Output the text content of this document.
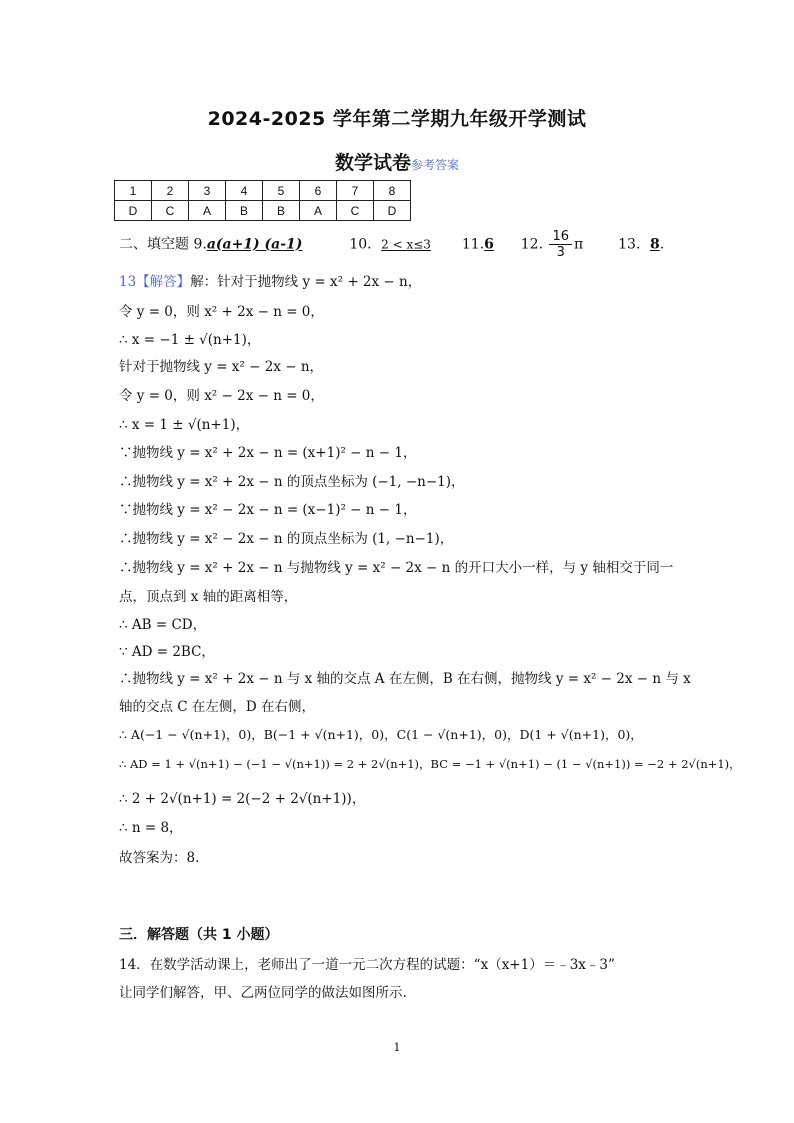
2024-2025 学年第二学期九年级开学测试
数学试卷参考答案
1	2	3	4	5	6	7	8
D	C	A	B	B	A	C	D
二、填空题 9.a(a+1) (a-1)	10．2 < x≤3 11.6 12. $\frac{16}{3}$ π 13．8.
13【解答】解：针对于抛物线 y = x² + 2x − n，
令 y = 0，则 x² + 2x − n = 0，
∴ x = −1 ± √(n+1)，
针对于抛物线 y = x² − 2x − n，
令 y = 0，则 x² − 2x − n = 0，
∴ x = 1 ± √(n+1)，
∵抛物线 y = x² + 2x − n = (x+1)² − n − 1，
∴抛物线 y = x² + 2x − n 的顶点坐标为 (−1, −n−1)，
∵抛物线 y = x² − 2x − n = (x−1)² − n − 1，
∴抛物线 y = x² − 2x − n 的顶点坐标为 (1, −n−1)，
∴抛物线 y = x² + 2x − n 与抛物线 y = x² − 2x − n 的开口大小一样，与 y 轴相交于同一
点，顶点到 x 轴的距离相等，
∴ AB = CD，
∵ AD = 2BC，
∴抛物线 y = x² + 2x − n 与 x 轴的交点 A 在左侧，B 在右侧，抛物线 y = x² − 2x − n 与 x
轴的交点 C 在左侧，D 在右侧，
∴ A(−1 − √(n+1)，0)，B(−1 + √(n+1)，0)，C(1 − √(n+1)，0)，D(1 + √(n+1)，0)，
∴ AD = 1 + √(n+1) − (−1 − √(n+1)) = 2 + 2√(n+1)，BC = −1 + √(n+1) − (1 − √(n+1)) = −2 + 2√(n+1)，
∴ 2 + 2√(n+1) = 2(−2 + 2√(n+1))，
∴ n = 8，
故答案为：8.
三．解答题（共 1 小题）
14．在数学活动课上，老师出了一道一元二次方程的试题：“x（x+1）＝﹣3x﹣3”
让同学们解答，甲、乙两位同学的做法如图所示.
1
